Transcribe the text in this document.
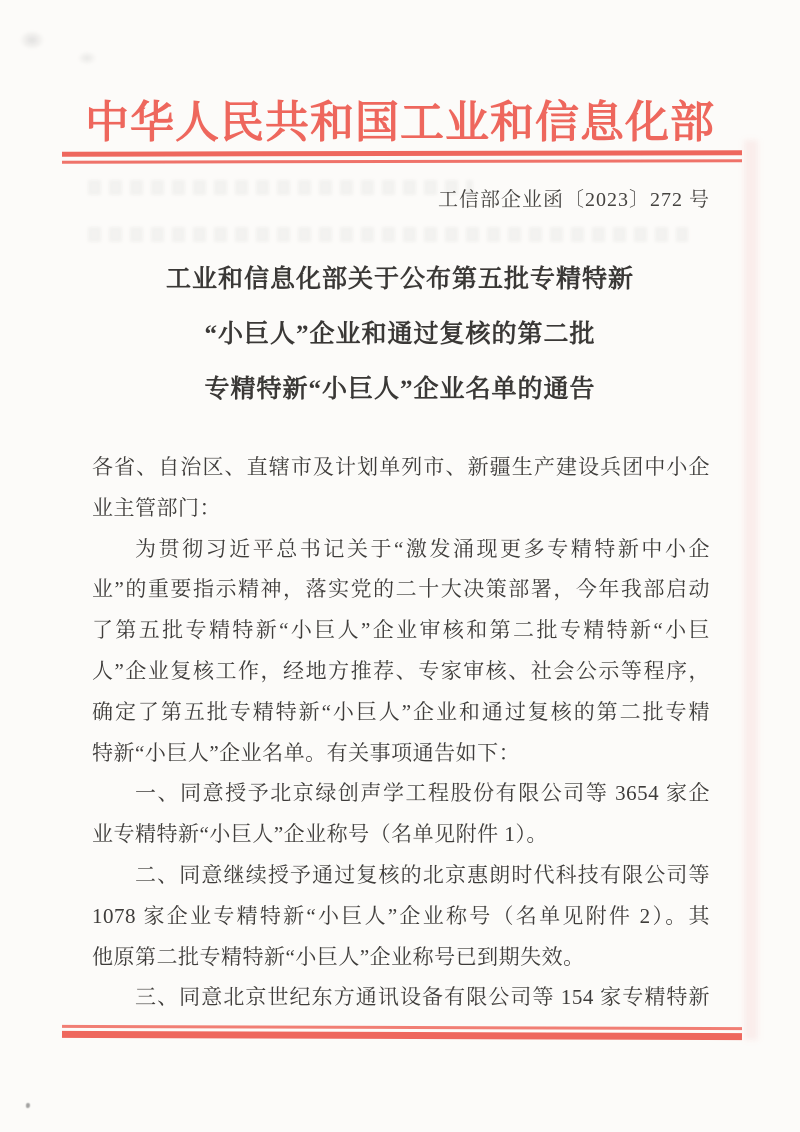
中华人民共和国工业和信息化部
工信部企业函〔2023〕272 号
工业和信息化部关于公布第五批专精特新
“小巨人”企业和通过复核的第二批
专精特新“小巨人”企业名单的通告
各省、自治区、直辖市及计划单列市、新疆生产建设兵团中小企
业主管部门：
为贯彻习近平总书记关于“激发涌现更多专精特新中小企
业”的重要指示精神，落实党的二十大决策部署，今年我部启动
了第五批专精特新“小巨人”企业审核和第二批专精特新“小巨
人”企业复核工作，经地方推荐、专家审核、社会公示等程序，
确定了第五批专精特新“小巨人”企业和通过复核的第二批专精
特新“小巨人”企业名单。有关事项通告如下：
一、同意授予北京绿创声学工程股份有限公司等 3654 家企
业专精特新“小巨人”企业称号（名单见附件 1）。
二、同意继续授予通过复核的北京惠朗时代科技有限公司等
1078 家企业专精特新“小巨人”企业称号（名单见附件 2）。其
他原第二批专精特新“小巨人”企业称号已到期失效。
三、同意北京世纪东方通讯设备有限公司等 154 家专精特新
